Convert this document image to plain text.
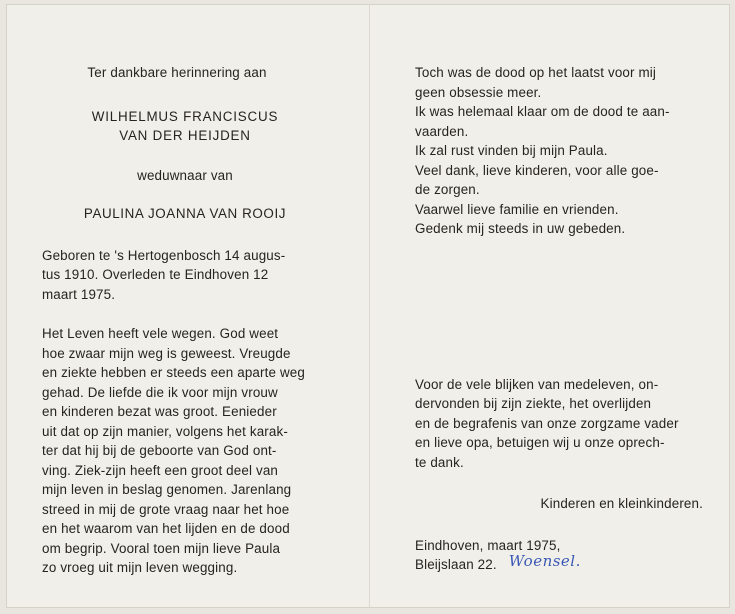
Ter dankbare herinnering aan
WILHELMUS FRANCISCUS
VAN DER HEIJDEN
weduwnaar van
PAULINA JOANNA VAN ROOIJ
Geboren te 's Hertogenbosch 14 augus-
tus 1910. Overleden te Eindhoven 12
maart 1975.
Het Leven heeft vele wegen. God weet
hoe zwaar mijn weg is geweest. Vreugde
en ziekte hebben er steeds een aparte weg
gehad. De liefde die ik voor mijn vrouw
en kinderen bezat was groot. Eenieder
uit dat op zijn manier, volgens het karak-
ter dat hij bij de geboorte van God ont-
ving. Ziek-zijn heeft een groot deel van
mijn leven in beslag genomen. Jarenlang
streed in mij de grote vraag naar het hoe
en het waarom van het lijden en de dood
om begrip. Vooral toen mijn lieve Paula
zo vroeg uit mijn leven wegging.
Toch was de dood op het laatst voor mij
geen obsessie meer.
Ik was helemaal klaar om de dood te aan-
vaarden.
Ik zal rust vinden bij mijn Paula.
Veel dank, lieve kinderen, voor alle goe-
de zorgen.
Vaarwel lieve familie en vrienden.
Gedenk mij steeds in uw gebeden.
Voor de vele blijken van medeleven, on-
dervonden bij zijn ziekte, het overlijden
en de begrafenis van onze zorgzame vader
en lieve opa, betuigen wij u onze oprech-
te dank.
Kinderen en kleinkinderen.
Eindhoven, maart 1975,
Bleijslaan 22. Woensel.
